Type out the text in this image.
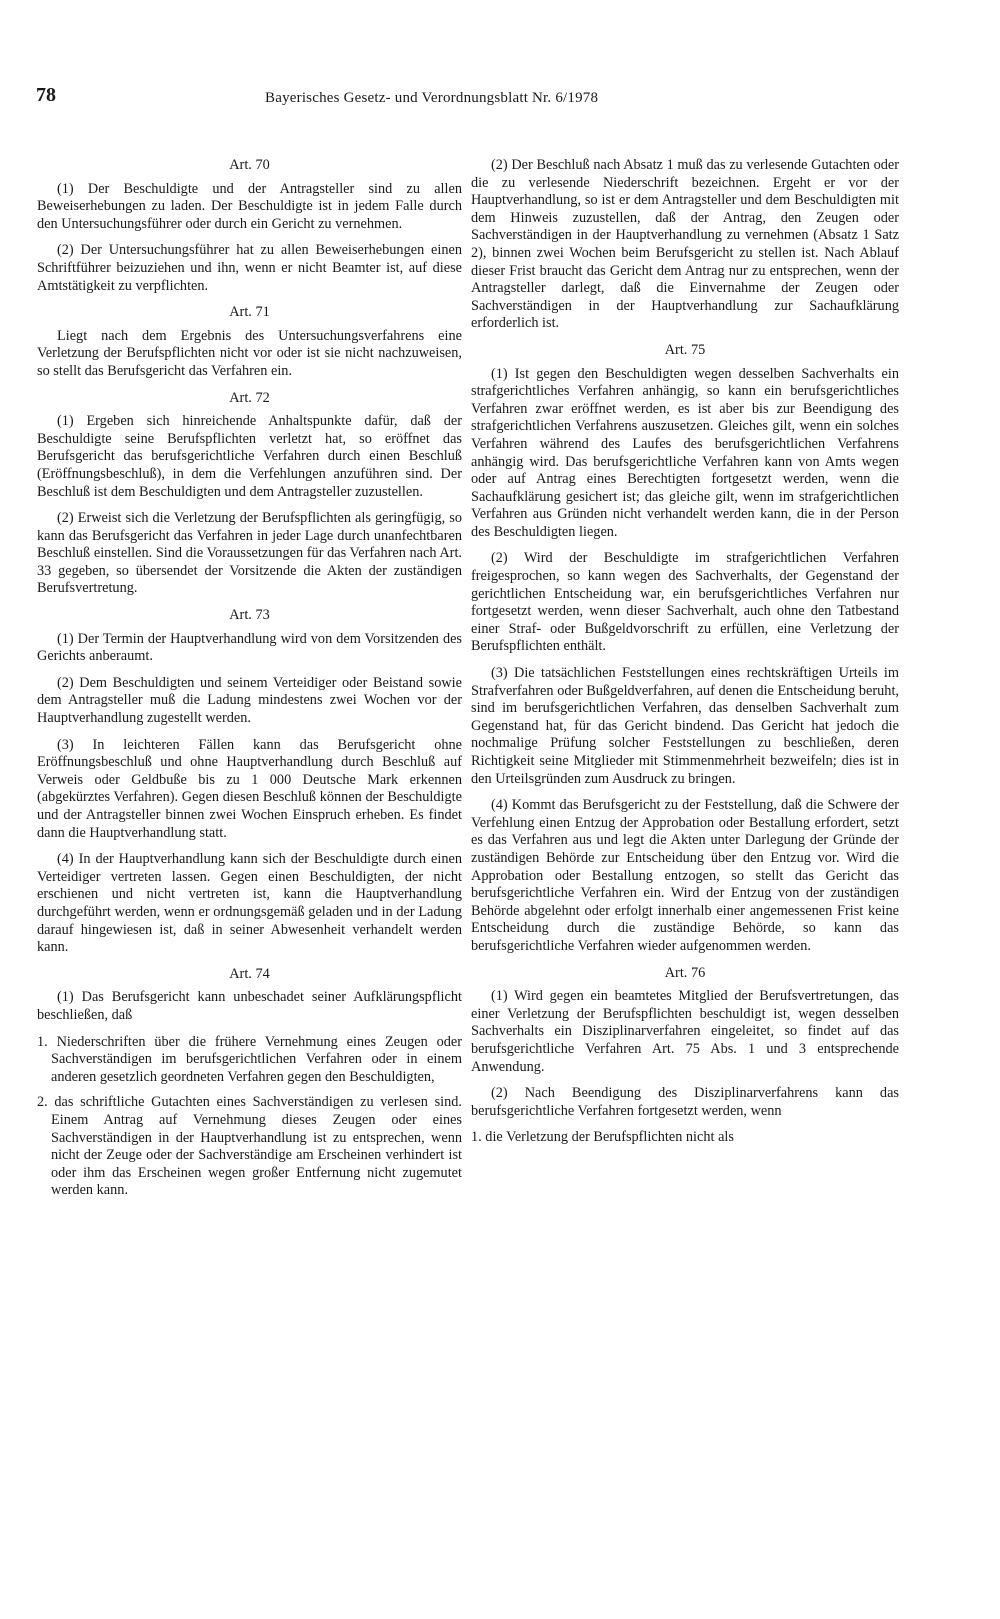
78	Bayerisches Gesetz- und Verordnungsblatt Nr. 6/1978
Art. 70

(1) Der Beschuldigte und der Antragsteller sind zu allen Beweiserhebungen zu laden. Der Beschuldigte ist in jedem Falle durch den Untersuchungsführer oder durch ein Gericht zu vernehmen.

(2) Der Untersuchungsführer hat zu allen Beweiserhebungen einen Schriftführer beizuziehen und ihn, wenn er nicht Beamter ist, auf diese Amtstätigkeit zu verpflichten.

Art. 71

Liegt nach dem Ergebnis des Untersuchungsverfahrens eine Verletzung der Berufspflichten nicht vor oder ist sie nicht nachzuweisen, so stellt das Berufsgericht das Verfahren ein.

Art. 72

(1) Ergeben sich hinreichende Anhaltspunkte dafür, daß der Beschuldigte seine Berufspflichten verletzt hat, so eröffnet das Berufsgericht das berufsgerichtliche Verfahren durch einen Beschluß (Eröffnungsbeschluß), in dem die Verfehlungen anzuführen sind. Der Beschluß ist dem Beschuldigten und dem Antragsteller zuzustellen.

(2) Erweist sich die Verletzung der Berufspflichten als geringfügig, so kann das Berufsgericht das Verfahren in jeder Lage durch unanfechtbaren Beschluß einstellen. Sind die Voraussetzungen für das Verfahren nach Art. 33 gegeben, so übersendet der Vorsitzende die Akten der zuständigen Berufsvertretung.

Art. 73

(1) Der Termin der Hauptverhandlung wird von dem Vorsitzenden des Gerichts anberaumt.

(2) Dem Beschuldigten und seinem Verteidiger oder Beistand sowie dem Antragsteller muß die Ladung mindestens zwei Wochen vor der Hauptverhandlung zugestellt werden.

(3) In leichteren Fällen kann das Berufsgericht ohne Eröffnungsbeschluß und ohne Hauptverhandlung durch Beschluß auf Verweis oder Geldbuße bis zu 1 000 Deutsche Mark erkennen (abgekürztes Verfahren). Gegen diesen Beschluß können der Beschuldigte und der Antragsteller binnen zwei Wochen Einspruch erheben. Es findet dann die Hauptverhandlung statt.

(4) In der Hauptverhandlung kann sich der Beschuldigte durch einen Verteidiger vertreten lassen. Gegen einen Beschuldigten, der nicht erschienen und nicht vertreten ist, kann die Hauptverhandlung durchgeführt werden, wenn er ordnungsgemäß geladen und in der Ladung darauf hingewiesen ist, daß in seiner Abwesenheit verhandelt werden kann.

Art. 74

(1) Das Berufsgericht kann unbeschadet seiner Aufklärungspflicht beschließen, daß

1. Niederschriften über die frühere Vernehmung eines Zeugen oder Sachverständigen im berufsgerichtlichen Verfahren oder in einem anderen gesetzlich geordneten Verfahren gegen den Beschuldigten,

2. das schriftliche Gutachten eines Sachverständigen zu verlesen sind. Einem Antrag auf Vernehmung dieses Zeugen oder eines Sachverständigen in der Hauptverhandlung ist zu entsprechen, wenn nicht der Zeuge oder der Sachverständige am Erscheinen verhindert ist oder ihm das Erscheinen wegen großer Entfernung nicht zugemutet werden kann.

(2) Der Beschluß nach Absatz 1 muß das zu verlesende Gutachten oder die zu verlesende Niederschrift bezeichnen. Ergeht er vor der Hauptverhandlung, so ist er dem Antragsteller und dem Beschuldigten mit dem Hinweis zuzustellen, daß der Antrag, den Zeugen oder Sachverständigen in der Hauptverhandlung zu vernehmen (Absatz 1 Satz 2), binnen zwei Wochen beim Berufsgericht zu stellen ist. Nach Ablauf dieser Frist braucht das Gericht dem Antrag nur zu entsprechen, wenn der Antragsteller darlegt, daß die Einvernahme der Zeugen oder Sachverständigen in der Hauptverhandlung zur Sachaufklärung erforderlich ist.

Art. 75

(1) Ist gegen den Beschuldigten wegen desselben Sachverhalts ein strafgerichtliches Verfahren anhängig, so kann ein berufsgerichtliches Verfahren zwar eröffnet werden, es ist aber bis zur Beendigung des strafgerichtlichen Verfahrens auszusetzen. Gleiches gilt, wenn ein solches Verfahren während des Laufes des berufsgerichtlichen Verfahrens anhängig wird. Das berufsgerichtliche Verfahren kann von Amts wegen oder auf Antrag eines Berechtigten fortgesetzt werden, wenn die Sachaufklärung gesichert ist; das gleiche gilt, wenn im strafgerichtlichen Verfahren aus Gründen nicht verhandelt werden kann, die in der Person des Beschuldigten liegen.

(2) Wird der Beschuldigte im strafgerichtlichen Verfahren freigesprochen, so kann wegen des Sachverhalts, der Gegenstand der gerichtlichen Entscheidung war, ein berufsgerichtliches Verfahren nur fortgesetzt werden, wenn dieser Sachverhalt, auch ohne den Tatbestand einer Straf- oder Bußgeldvorschrift zu erfüllen, eine Verletzung der Berufspflichten enthält.

(3) Die tatsächlichen Feststellungen eines rechtskräftigen Urteils im Strafverfahren oder Bußgeldverfahren, auf denen die Entscheidung beruht, sind im berufsgerichtlichen Verfahren, das denselben Sachverhalt zum Gegenstand hat, für das Gericht bindend. Das Gericht hat jedoch die nochmalige Prüfung solcher Feststellungen zu beschließen, deren Richtigkeit seine Mitglieder mit Stimmenmehrheit bezweifeln; dies ist in den Urteilsgründen zum Ausdruck zu bringen.

(4) Kommt das Berufsgericht zu der Feststellung, daß die Schwere der Verfehlung einen Entzug der Approbation oder Bestallung erfordert, setzt es das Verfahren aus und legt die Akten unter Darlegung der Gründe der zuständigen Behörde zur Entscheidung über den Entzug vor. Wird die Approbation oder Bestallung entzogen, so stellt das Gericht das berufsgerichtliche Verfahren ein. Wird der Entzug von der zuständigen Behörde abgelehnt oder erfolgt innerhalb einer angemessenen Frist keine Entscheidung durch die zuständige Behörde, so kann das berufsgerichtliche Verfahren wieder aufgenommen werden.

Art. 76

(1) Wird gegen ein beamtetes Mitglied der Berufsvertretungen, das einer Verletzung der Berufspflichten beschuldigt ist, wegen desselben Sachverhalts ein Disziplinarverfahren eingeleitet, so findet auf das berufsgerichtliche Verfahren Art. 75 Abs. 1 und 3 entsprechende Anwendung.

(2) Nach Beendigung des Disziplinarverfahrens kann das berufsgerichtliche Verfahren fortgesetzt werden, wenn

1. die Verletzung der Berufspflichten nicht als
